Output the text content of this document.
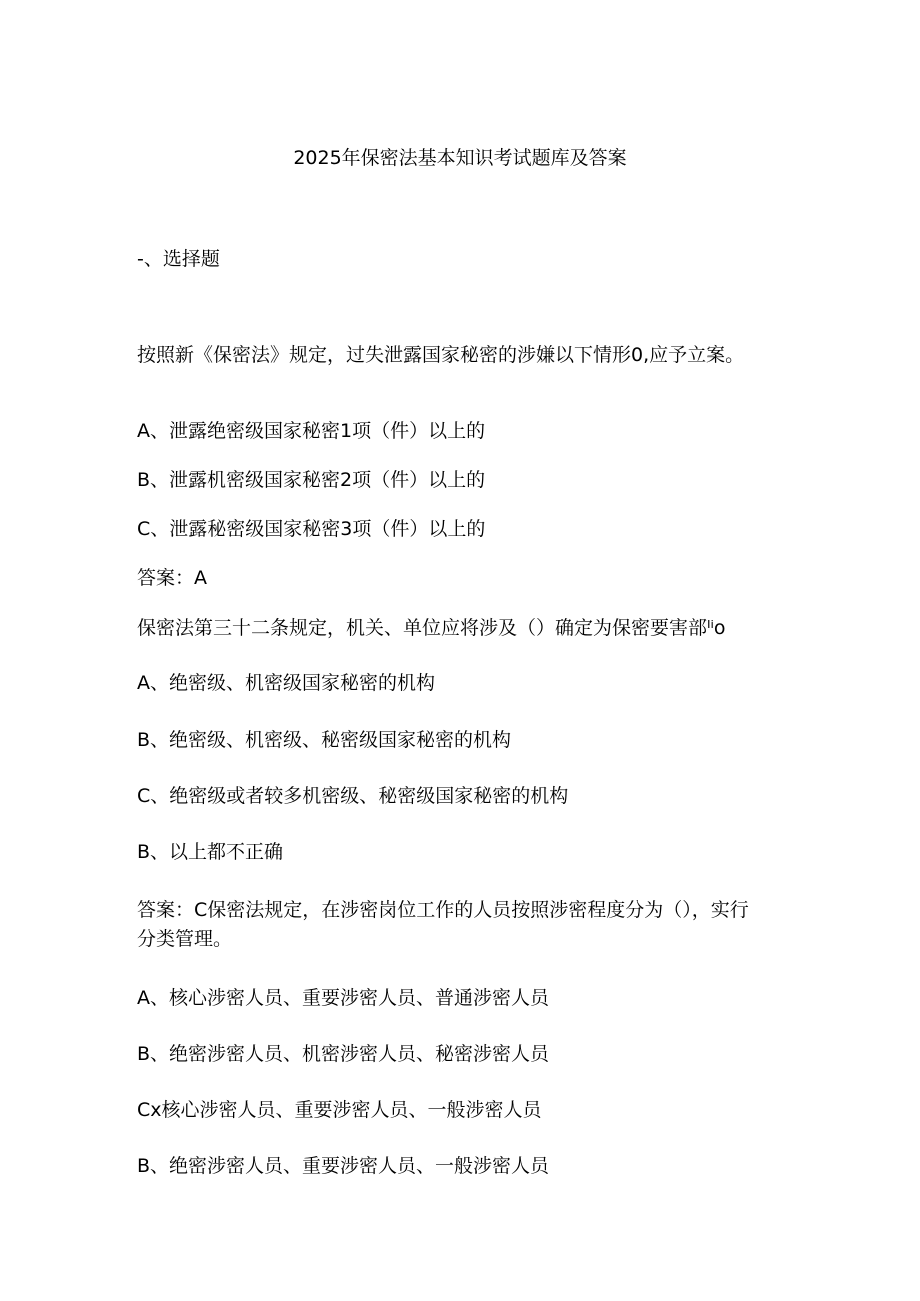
2025年保密法基本知识考试题库及答案
-、选择题
按照新《保密法》规定，过失泄露国家秘密的涉嫌以下情形0,应予立案。
A、泄露绝密级国家秘密1项（件）以上的
B、泄露机密级国家秘密2项（件）以上的
C、泄露秘密级国家秘密3项（件）以上的
答案：A
保密法第三十二条规定，机关、单位应将涉及（）确定为保密要害部ᴵⁱo
A、绝密级、机密级国家秘密的机构
B、绝密级、机密级、秘密级国家秘密的机构
C、绝密级或者较多机密级、秘密级国家秘密的机构
B、以上都不正确
答案：C保密法规定，在涉密岗位工作的人员按照涉密程度分为（），实行分类管理。
A、核心涉密人员、重要涉密人员、普通涉密人员
B、绝密涉密人员、机密涉密人员、秘密涉密人员
Cx核心涉密人员、重要涉密人员、一般涉密人员
B、绝密涉密人员、重要涉密人员、一般涉密人员
